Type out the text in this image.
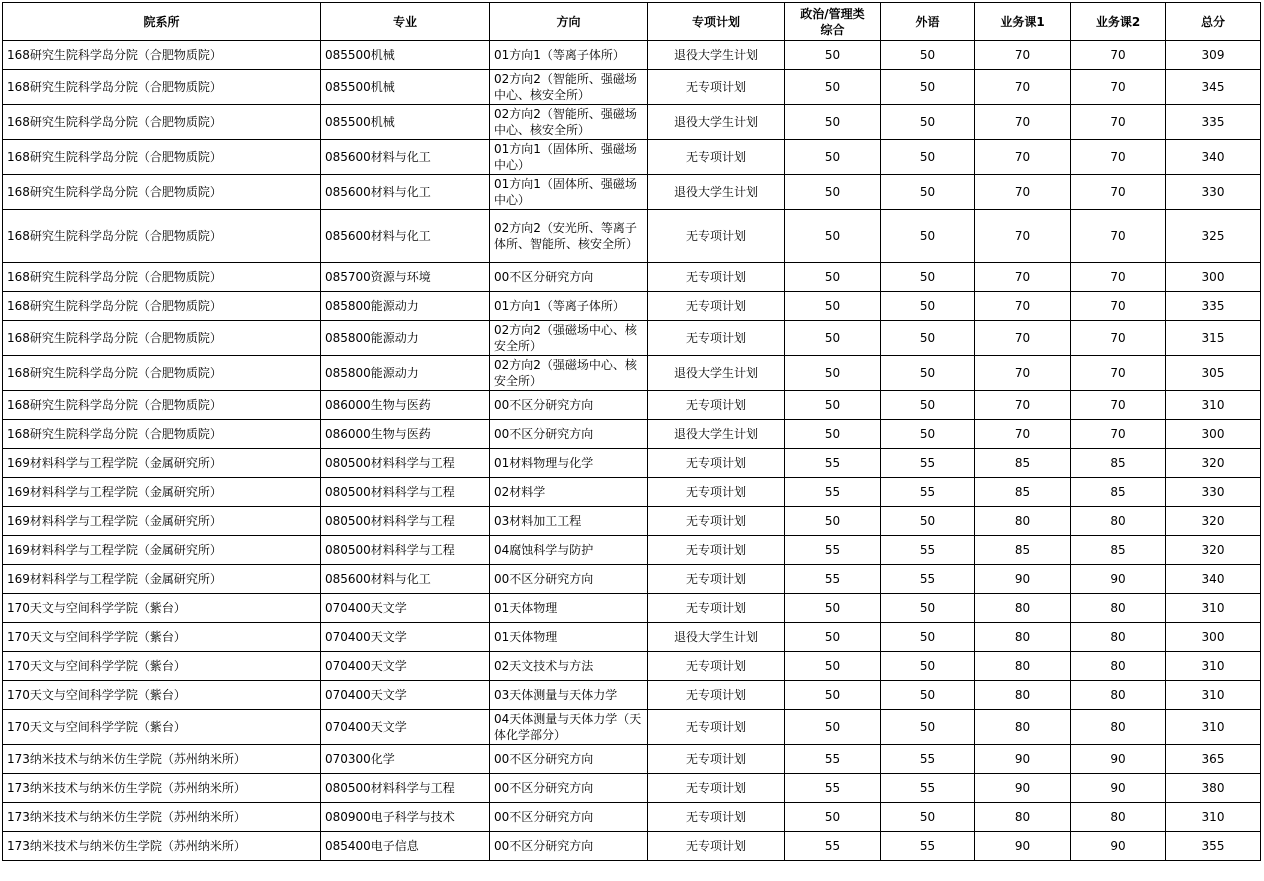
院系所	专业	方向	专项计划	政治/管理类综合	外语	业务课1	业务课2	总分
168研究生院科学岛分院（合肥物质院）	085500机械	01方向1（等离子体所）	退役大学生计划	50	50	70	70	309
168研究生院科学岛分院（合肥物质院）	085500机械	02方向2（智能所、强磁场中心、核安全所）	无专项计划	50	50	70	70	345
168研究生院科学岛分院（合肥物质院）	085500机械	02方向2（智能所、强磁场中心、核安全所）	退役大学生计划	50	50	70	70	335
168研究生院科学岛分院（合肥物质院）	085600材料与化工	01方向1（固体所、强磁场中心）	无专项计划	50	50	70	70	340
168研究生院科学岛分院（合肥物质院）	085600材料与化工	01方向1（固体所、强磁场中心）	退役大学生计划	50	50	70	70	330
168研究生院科学岛分院（合肥物质院）	085600材料与化工	02方向2（安光所、等离子体所、智能所、核安全所）	无专项计划	50	50	70	70	325
168研究生院科学岛分院（合肥物质院）	085700资源与环境	00不区分研究方向	无专项计划	50	50	70	70	300
168研究生院科学岛分院（合肥物质院）	085800能源动力	01方向1（等离子体所）	无专项计划	50	50	70	70	335
168研究生院科学岛分院（合肥物质院）	085800能源动力	02方向2（强磁场中心、核安全所）	无专项计划	50	50	70	70	315
168研究生院科学岛分院（合肥物质院）	085800能源动力	02方向2（强磁场中心、核安全所）	退役大学生计划	50	50	70	70	305
168研究生院科学岛分院（合肥物质院）	086000生物与医药	00不区分研究方向	无专项计划	50	50	70	70	310
168研究生院科学岛分院（合肥物质院）	086000生物与医药	00不区分研究方向	退役大学生计划	50	50	70	70	300
169材料科学与工程学院（金属研究所）	080500材料科学与工程	01材料物理与化学	无专项计划	55	55	85	85	320
169材料科学与工程学院（金属研究所）	080500材料科学与工程	02材料学	无专项计划	55	55	85	85	330
169材料科学与工程学院（金属研究所）	080500材料科学与工程	03材料加工工程	无专项计划	50	50	80	80	320
169材料科学与工程学院（金属研究所）	080500材料科学与工程	04腐蚀科学与防护	无专项计划	55	55	85	85	320
169材料科学与工程学院（金属研究所）	085600材料与化工	00不区分研究方向	无专项计划	55	55	90	90	340
170天文与空间科学学院（紫台）	070400天文学	01天体物理	无专项计划	50	50	80	80	310
170天文与空间科学学院（紫台）	070400天文学	01天体物理	退役大学生计划	50	50	80	80	300
170天文与空间科学学院（紫台）	070400天文学	02天文技术与方法	无专项计划	50	50	80	80	310
170天文与空间科学学院（紫台）	070400天文学	03天体测量与天体力学	无专项计划	50	50	80	80	310
170天文与空间科学学院（紫台）	070400天文学	04天体测量与天体力学（天体化学部分）	无专项计划	50	50	80	80	310
173纳米技术与纳米仿生学院（苏州纳米所）	070300化学	00不区分研究方向	无专项计划	55	55	90	90	365
173纳米技术与纳米仿生学院（苏州纳米所）	080500材料科学与工程	00不区分研究方向	无专项计划	55	55	90	90	380
173纳米技术与纳米仿生学院（苏州纳米所）	080900电子科学与技术	00不区分研究方向	无专项计划	50	50	80	80	310
173纳米技术与纳米仿生学院（苏州纳米所）	085400电子信息	00不区分研究方向	无专项计划	55	55	90	90	355
